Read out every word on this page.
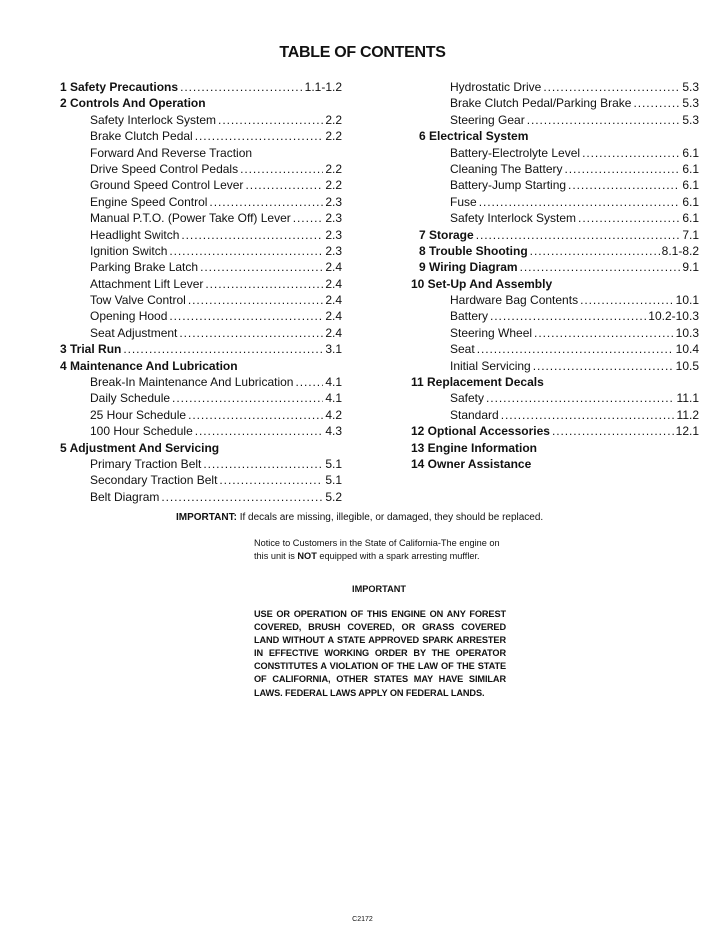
TABLE OF CONTENTS
1 Safety Precautions . . .	1.1-1.2
2 Controls And Operation
Safety Interlock System . . .	2.2
Brake Clutch Pedal . . .	2.2
Forward And Reverse Traction
Drive Speed Control Pedals . . .	2.2
Ground Speed Control Lever . . .	2.2
Engine Speed Control . . .	2.3
Manual P.T.O. (Power Take Off) Lever . . .	2.3
Headlight Switch . . .	2.3
Ignition Switch . . .	2.3
Parking Brake Latch . . .	2.4
Attachment Lift Lever . . .	2.4
Tow Valve Control . . .	2.4
Opening Hood . . .	2.4
Seat Adjustment . . .	2.4
3 Trial Run . . .	3.1
4 Maintenance And Lubrication
Break-In Maintenance And Lubrication . . .	4.1
Daily Schedule . . .	4.1
25 Hour Schedule . . .	4.2
100 Hour Schedule . . .	4.3
5 Adjustment And Servicing
Primary Traction Belt . . .	5.1
Secondary Traction Belt . . .	5.1
Belt Diagram . . .	5.2
Hydrostatic Drive . . .	5.3
Brake Clutch Pedal/Parking Brake . . .	5.3
Steering Gear . . .	5.3
6 Electrical System
Battery-Electrolyte Level . . .	6.1
Cleaning The Battery . . .	6.1
Battery-Jump Starting . . .	6.1
Fuse . . .	6.1
Safety Interlock System . . .	6.1
7 Storage . . .	7.1
8 Trouble Shooting . . .	8.1-8.2
9 Wiring Diagram . . .	9.1
10 Set-Up And Assembly
Hardware Bag Contents . . .	10.1
Battery . . .	10.2-10.3
Steering Wheel . . .	10.3
Seat . . .	10.4
Initial Servicing . . .	10.5
11 Replacement Decals
Safety . . .	11.1
Standard . . .	11.2
12 Optional Accessories . . .	12.1
13 Engine Information
14 Owner Assistance
IMPORTANT: If decals are missing, illegible, or damaged, they should be replaced.
Notice to Customers in the State of California-The engine on this unit is NOT equipped with a spark arresting muffler.
IMPORTANT
USE OR OPERATION OF THIS ENGINE ON ANY FOREST COVERED, BRUSH COVERED, OR GRASS COVERED LAND WITHOUT A STATE APPROVED SPARK ARRESTER IN EFFECTIVE WORKING ORDER BY THE OPERATOR CONSTITUTES A VIOLATION OF THE LAW OF THE STATE OF CALIFORNIA, OTHER STATES MAY HAVE SIMILAR LAWS. FEDERAL LAWS APPLY ON FEDERAL LANDS.
C2172
